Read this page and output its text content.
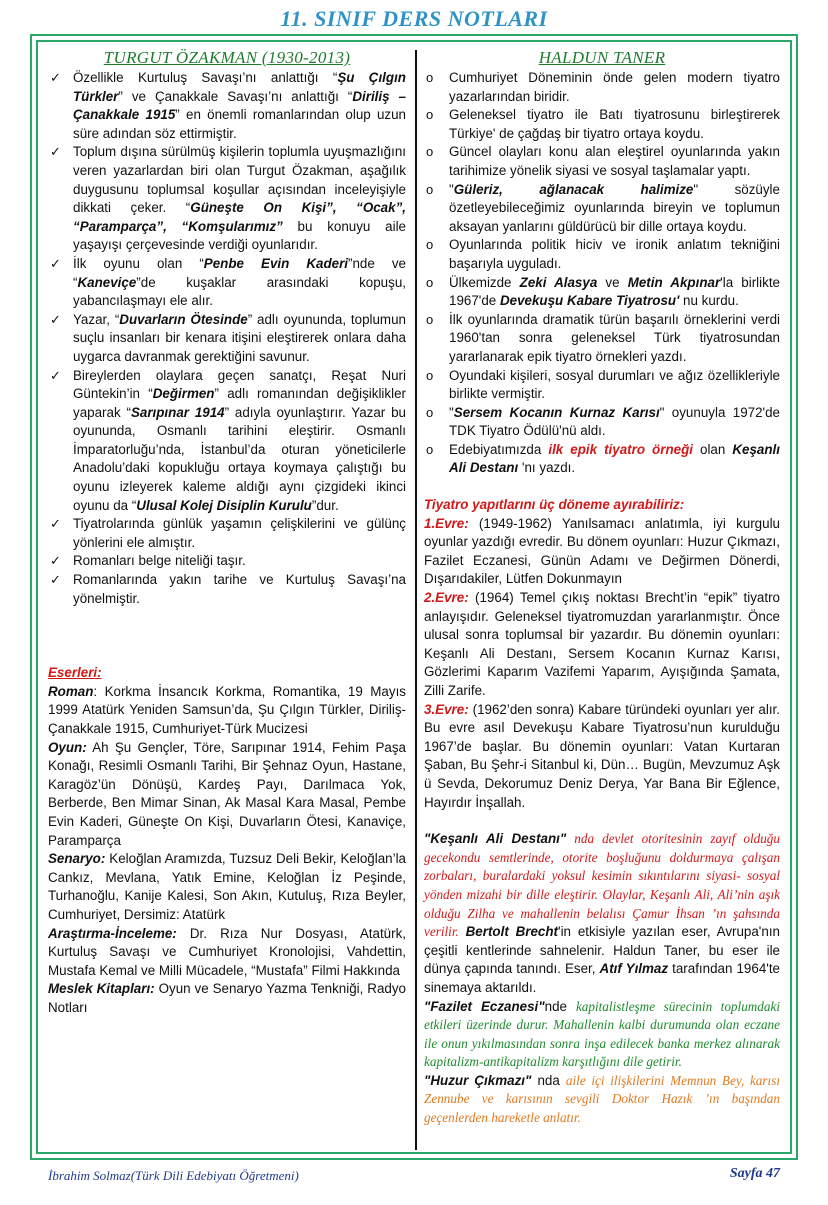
11. SINIF DERS NOTLARI
TURGUT ÖZAKMAN (1930-2013)
✓ Özellikle Kurtuluş Savaşı’nı anlattığı “Şu Çılgın Türkler” ve Çanakkale Savaşı’nı anlattığı “Diriliş – Çanakkale 1915” en önemli romanlarından olup uzun süre adından söz ettirmiştir.
✓ Toplum dışına sürülmüş kişilerin toplumla uyuşmazlığını veren yazarlardan biri olan Turgut Özakman, aşağılık duygusunu toplumsal koşullar açısından inceleyişiyle dikkati çeker. “Güneşte On Kişi”, “Ocak”, “Paramparça”, “Komşularımız” bu konuyu aile yaşayışı çerçevesinde verdiği oyunlarıdır.
✓ İlk oyunu olan “Penbe Evin Kaderi”nde ve “Kaneviçe”de kuşaklar arasındaki kopuşu, yabancılaşmayı ele alır.
✓ Yazar, “Duvarların Ötesinde” adlı oyununda, toplumun suçlu insanları bir kenara itişini eleştirerek onlara daha uygarca davranmak gerektiğini savunur.
✓ Bireylerden olaylara geçen sanatçı, Reşat Nuri Güntekin’in “Değirmen” adlı romanından değişiklikler yaparak “Sarıpınar 1914” adıyla oyunlaştırır. Yazar bu oyununda, Osmanlı tarihini eleştirir. Osmanlı İmparatorluğu’nda, İstanbul’da oturan yöneticilerle Anadolu’daki kopukluğu ortaya koymaya çalıştığı bu oyunu izleyerek kaleme aldığı aynı çizgideki ikinci oyunu da “Ulusal Kolej Disiplin Kurulu”dur.
✓ Tiyatrolarında günlük yaşamın çelişkilerini ve gülünç yönlerini ele almıştır.
✓ Romanları belge niteliği taşır.
✓ Romanlarında yakın tarihe ve Kurtuluş Savaşı’na yönelmiştir.

Eserleri:

Roman: Korkma İnsancık Korkma, Romantika, 19 Mayıs 1999 Atatürk Yeniden Samsun’da, Şu Çılgın Türkler, Diriliş-Çanakkale 1915, Cumhuriyet-Türk Mucizesi

Oyun: Ah Şu Gençler, Töre, Sarıpınar 1914, Fehim Paşa Konağı, Resimli Osmanlı Tarihi, Bir Şehnaz Oyun, Hastane, Karagöz’ün Dönüşü, Kardeş Payı, Darılmaca Yok, Berberde, Ben Mimar Sinan, Ak Masal Kara Masal, Pembe Evin Kaderi, Güneşte On Kişi, Duvarların Ötesi, Kanaviçe, Paramparça

Senaryo: Keloğlan Aramızda, Tuzsuz Deli Bekir, Keloğlan’la Cankız, Mevlana, Yatık Emine, Keloğlan İz Peşinde, Turhanoğlu, Kanije Kalesi, Son Akın, Kutuluş, Rıza Beyler, Cumhuriyet, Dersimiz: Atatürk

Araştırma-İnceleme: Dr. Rıza Nur Dosyası, Atatürk, Kurtuluş Savaşı ve Cumhuriyet Kronolojisi, Vahdettin, Mustafa Kemal ve Milli Mücadele, “Mustafa” Filmi Hakkında

Meslek Kitapları: Oyun ve Senaryo Yazma Tenkniği, Radyo Notları

HALDUN TANER
o Cumhuriyet Döneminin önde gelen modern tiyatro yazarlarından biridir.
o Geleneksel tiyatro ile Batı tiyatrosunu birleştirerek Türkiye' de çağdaş bir tiyatro ortaya koydu.
o Güncel olayları konu alan eleştirel oyunlarında yakın tarihimize yönelik siyasi ve sosyal taşlamalar yaptı.
o "Güleriz, ağlanacak halimize" sözüyle özetleyebileceğimiz oyunlarında bireyin ve toplumun aksayan yanlarını güldürücü bir dille ortaya koydu.
o Oyunlarında politik hiciv ve ironik anlatım tekniğini başarıyla uyguladı.
o Ülkemizde Zeki Alasya ve Metin Akpınar'la birlikte 1967'de Devekuşu Kabare Tiyatrosu' nu kurdu.
o İlk oyunlarında dramatik türün başarılı örneklerini verdi 1960'tan sonra geleneksel Türk tiyatrosundan yararlanarak epik tiyatro örnekleri yazdı.
o Oyundaki kişileri, sosyal durumları ve ağız özellikleriyle birlikte vermiştir.
o "Sersem Kocanın Kurnaz Karısı" oyunuyla 1972'de TDK Tiyatro Ödülü'nü aldı.
o Edebiyatımızda ilk epik tiyatro örneği olan Keşanlı Ali Destanı 'nı yazdı.

Tiyatro yapıtlarını üç döneme ayırabiliriz:

1.Evre: (1949-1962) Yanılsamacı anlatımla, iyi kurgulu oyunlar yazdığı evredir. Bu dönem oyunları: Huzur Çıkmazı, Fazilet Eczanesi, Günün Adamı ve Değirmen Dönerdi, Dışarıdakiler, Lütfen Dokunmayın

2.Evre: (1964) Temel çıkış noktası Brecht’in “epik” tiyatro anlayışıdır. Geleneksel tiyatromuzdan yararlanmıştır. Önce ulusal sonra toplumsal bir yazardır. Bu dönemin oyunları: Keşanlı Ali Destanı, Sersem Kocanın Kurnaz Karısı, Gözlerimi Kaparım Vazifemi Yaparım, Ayışığında Şamata, Zilli Zarife.

3.Evre: (1962’den sonra) Kabare türündeki oyunları yer alır. Bu evre asıl Devekuşu Kabare Tiyatrosu’nun kuruldu​ğu 1967’de başlar. Bu dönemin oyunları: Vatan Kurtaran Şaban, Bu Şehr-i Sitanbul ki, Dün… Bugün, Mevzumuz Aşk ü Sevda, Dekorumuz Deniz Derya, Yar Bana Bir Eğlence, Hayırdır İnşallah.

"Keşanlı Ali Destanı" nda devlet otoritesinin zayıf olduğu gecekondu semtlerinde, otorite boşluğunu doldurmaya çalışan zorbaları, buralardaki yoksul kesimin sıkıntılarını siyasi- sosyal yönden mizahi bir dille eleştirir. Olaylar, Keşanlı Ali, Ali’nin aşık olduğu Zilha ve mahallenin belalısı Çamur İhsan ’ın şahsında verilir. Bertolt Brecht'in etkisiyle yazılan eser, Avrupa'nın çeşitli kentlerinde sahnelenir. Haldun Taner, bu eser ile dünya çapında tanındı. Eser, Atıf Yılmaz tarafından 1964'te sinemaya aktarıldı.

"Fazilet Eczanesi"nde kapitalistleşme sürecinin toplumdaki etkileri üzerinde durur. Mahallenin kalbi durumunda olan eczane ile onun yıkılmasından sonra inşa edilecek banka merkez alınarak kapitalizm-antikapitalizm karşıtlığını dile getirir.

"Huzur Çıkmazı" nda aile içi ilişkilerini Memnun Bey, karısı Zennube ve karısının sevgili Doktor Hazık ’ın başından geçenlerden hareketle anlatır.

İbrahim Solmaz(Türk Dili Edebiyatı Öğretmeni)	Sayfa 47
